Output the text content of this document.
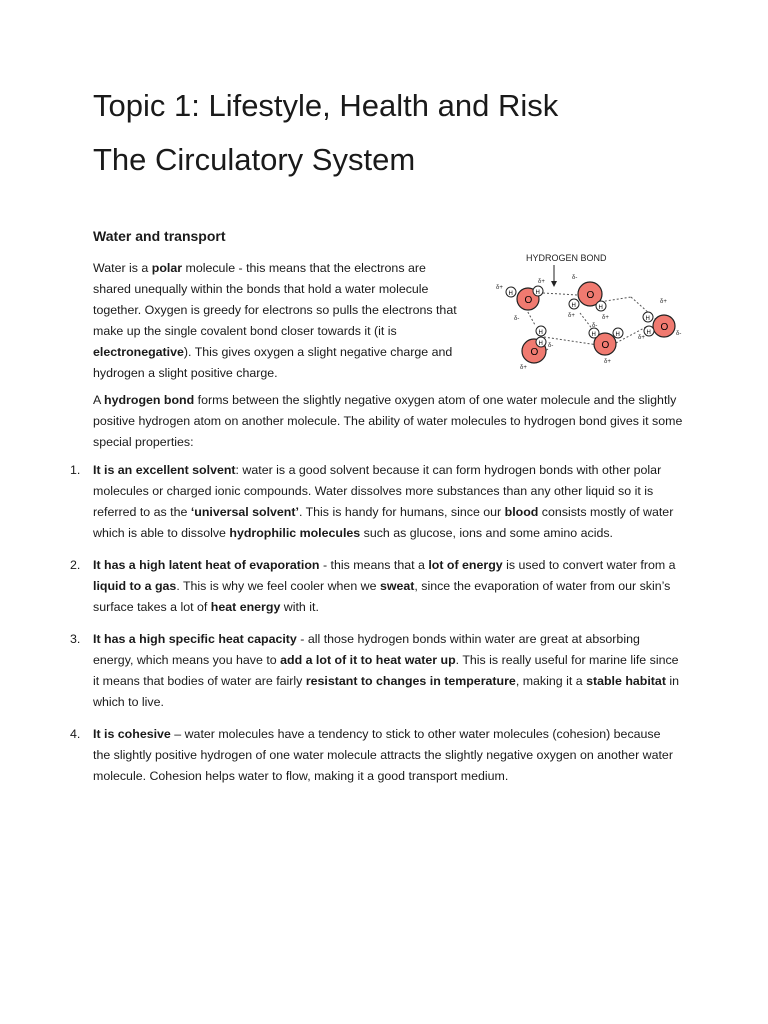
Topic 1: Lifestyle, Health and Risk
The Circulatory System
Water and transport

Water is a polar molecule - this means that the electrons are shared unequally within the bonds that hold a water molecule together. Oxygen is greedy for electrons so pulls the electrons that make up the single covalent bond closer towards it (it is electronegative). This gives oxygen a slight negative charge and hydrogen a slight positive charge.

HYDROGEN BOND
O
H	H	O
H	H
O
H
H	O
H	H
O
H
H
δ+
δ+
δ-
δ-
δ+	δ+
δ-
δ+
δ-
δ+
δ+
δ-
δ+

A hydrogen bond forms between the slightly negative oxygen atom of one water molecule and the slightly positive hydrogen atom on another molecule. The ability of water molecules to hydrogen bond gives it some special properties:

1. It is an excellent solvent: water is a good solvent because it can form hydrogen bonds with other polar molecules or charged ionic compounds. Water dissolves more substances than any other liquid so it is referred to as the ‘universal solvent’. This is handy for humans, since our blood consists mostly of water which is able to dissolve hydrophilic molecules such as glucose, ions and some amino acids.
2. It has a high latent heat of evaporation - this means that a lot of energy is used to convert water from a liquid to a gas. This is why we feel cooler when we sweat, since the evaporation of water from our skin’s surface takes a lot of heat energy with it.
3. It has a high specific heat capacity - all those hydrogen bonds within water are great at absorbing energy, which means you have to add a lot of it to heat water up. This is really useful for marine life since it means that bodies of water are fairly resistant to changes in temperature, making it a stable habitat in which to live.
4. It is cohesive – water molecules have a tendency to stick to other water molecules (cohesion) because the slightly positive hydrogen of one water molecule attracts the slightly negative oxygen on another water molecule. Cohesion helps water to flow, making it a good transport medium.
